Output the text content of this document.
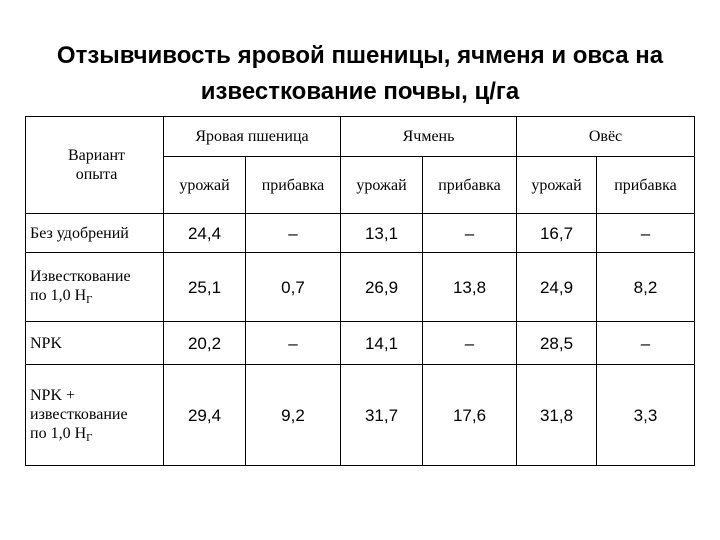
Отзывчивость яровой пшеницы, ячменя и овса на
известкование почвы, ц/га
Вариант
опыта	Яровая пшеница		Ячмень		Овёс	
	урожай	прибавка	урожай	прибавка	урожай	прибавка

Без удобрений	24,4	–	13,1	–	16,7	–

Известкование
по 1,0 НГ	25,1	0,7	26,9	13,8	24,9	8,2

NPK	20,2	–	14,1	–	28,5	–

NPK +
известкование
по 1,0 НГ	29,4	9,2	31,7	17,6	31,8	3,3
